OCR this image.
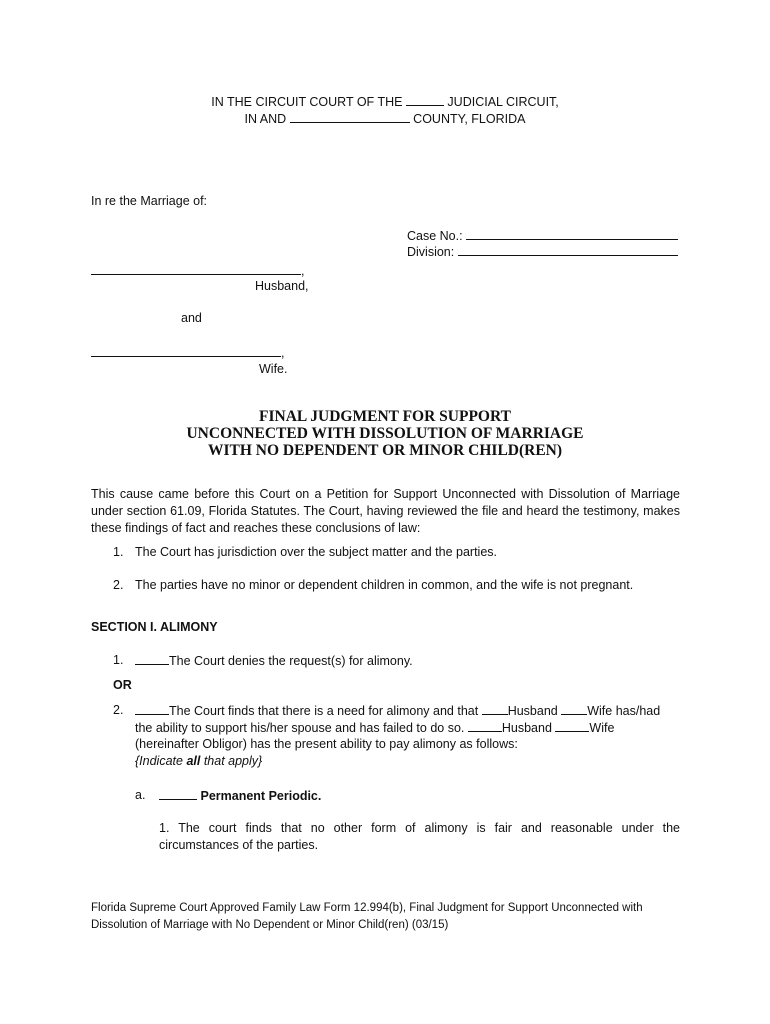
IN THE CIRCUIT COURT OF THE	JUDICIAL CIRCUIT,
IN AND	COUNTY, FLORIDA
In re the Marriage of:
Case No.:
Division:
,
Husband,
and
,
Wife.
FINAL JUDGMENT FOR SUPPORT
UNCONNECTED WITH DISSOLUTION OF MARRIAGE
WITH NO DEPENDENT OR MINOR CHILD(REN)
This cause came before this Court on a Petition for Support Unconnected with Dissolution of Marriage under section 61.09, Florida Statutes. The Court, having reviewed the file and heard the testimony, makes these findings of fact and reaches these conclusions of law:
1. The Court has jurisdiction over the subject matter and the parties.
2. The parties have no minor or dependent children in common, and the wife is not pregnant.
SECTION I. ALIMONY
1.	The Court denies the request(s) for alimony.
OR
2.	The Court finds that there is a need for alimony and that Husband Wife has/had
the ability to support his/her spouse and has failed to do so.	Husband	Wife
(hereinafter Obligor) has the present ability to pay alimony as follows:
{Indicate all that apply}
a.	Permanent Periodic.
1. The court finds that no other form of alimony is fair and reasonable under the circumstances of the parties.
Florida Supreme Court Approved Family Law Form 12.994(b), Final Judgment for Support Unconnected with
Dissolution of Marriage with No Dependent or Minor Child(ren) (03/15)
